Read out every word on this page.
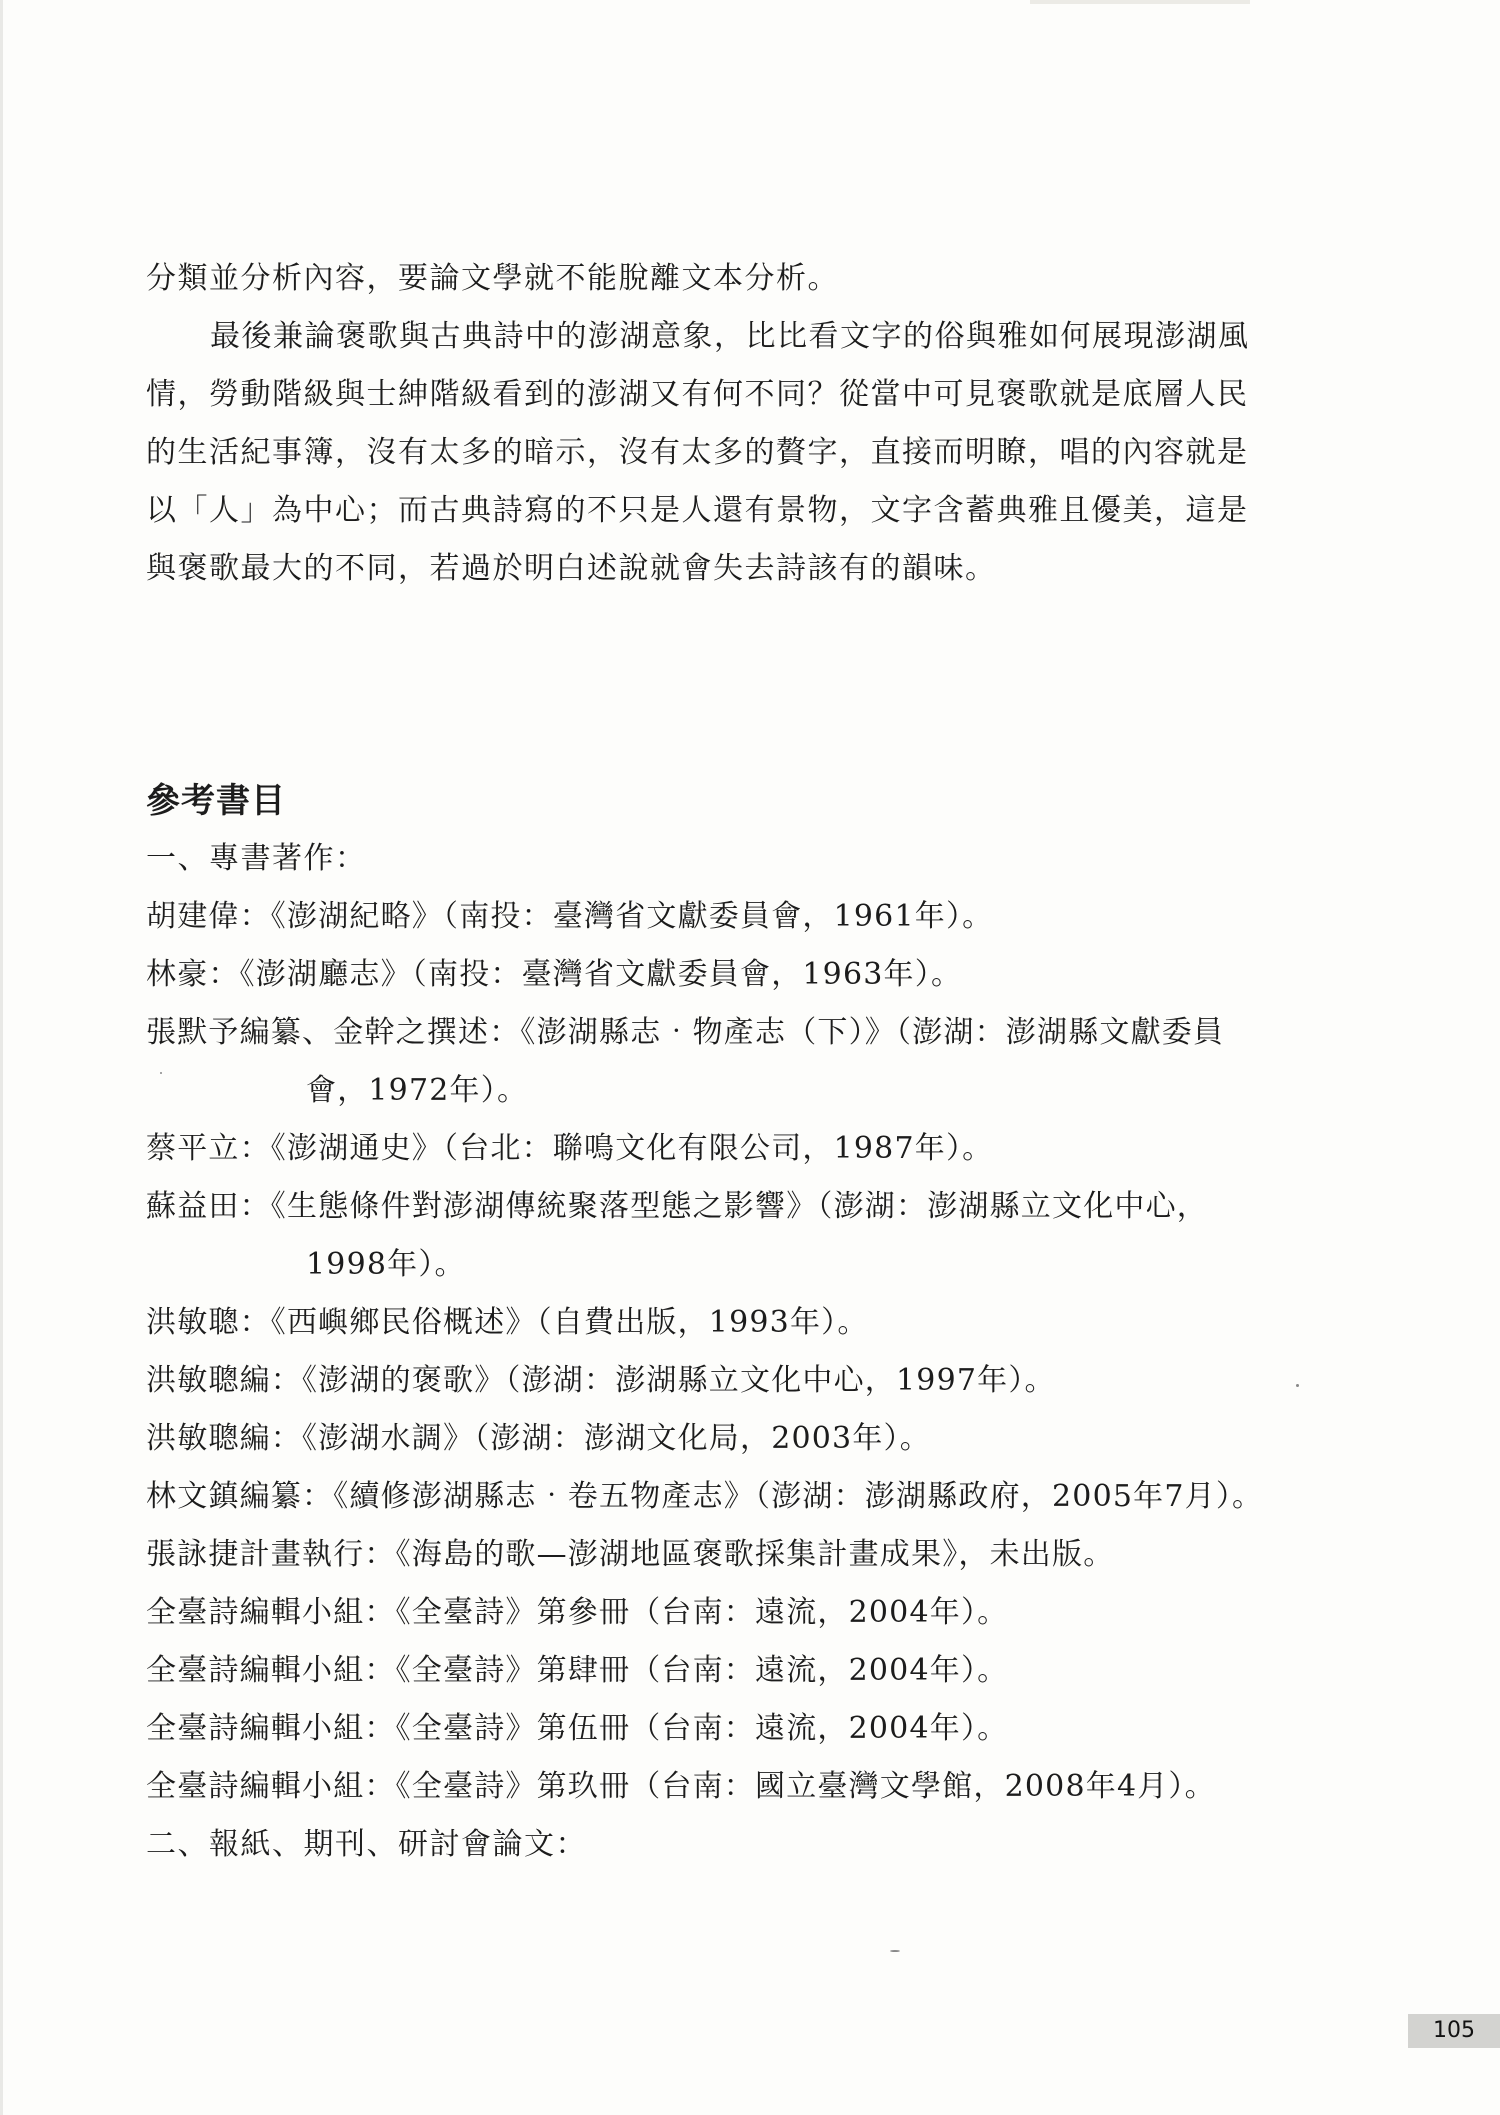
分類並分析內容，要論文學就不能脫離文本分析。

最後兼論褒歌與古典詩中的澎湖意象，比比看文字的俗與雅如何展現澎湖風情，勞動階級與士紳階級看到的澎湖又有何不同？從當中可見褒歌就是底層人民的生活紀事簿，沒有太多的暗示，沒有太多的贅字，直接而明瞭，唱的內容就是以「人」為中心；而古典詩寫的不只是人還有景物，文字含蓄典雅且優美，這是與褒歌最大的不同，若過於明白述說就會失去詩該有的韻味。

參考書目

一、專書著作：

胡建偉：《澎湖紀略》（南投：臺灣省文獻委員會，1961年）。

林豪：《澎湖廳志》（南投：臺灣省文獻委員會，1963年）。

張默予編纂、金幹之撰述：《澎湖縣志‧物產志（下）》（澎湖：澎湖縣文獻委員會，1972年）。

蔡平立：《澎湖通史》（台北：聯鳴文化有限公司，1987年）。

蘇益田：《生態條件對澎湖傳統聚落型態之影響》（澎湖：澎湖縣立文化中心，1998年）。

洪敏聰：《西嶼鄉民俗概述》（自費出版，1993年）。

洪敏聰編：《澎湖的褒歌》（澎湖：澎湖縣立文化中心，1997年）。

洪敏聰編：《澎湖水調》（澎湖：澎湖文化局，2003年）。

林文鎮編纂：《續修澎湖縣志‧卷五物產志》（澎湖：澎湖縣政府，2005年7月）。

張詠捷計畫執行：《海島的歌—澎湖地區褒歌採集計畫成果》，未出版。

全臺詩編輯小組：《全臺詩》第參冊（台南：遠流，2004年）。

全臺詩編輯小組：《全臺詩》第肆冊（台南：遠流，2004年）。

全臺詩編輯小組：《全臺詩》第伍冊（台南：遠流，2004年）。

全臺詩編輯小組：《全臺詩》第玖冊（台南：國立臺灣文學館，2008年4月）。

二、報紙、期刊、研討會論文：

105
